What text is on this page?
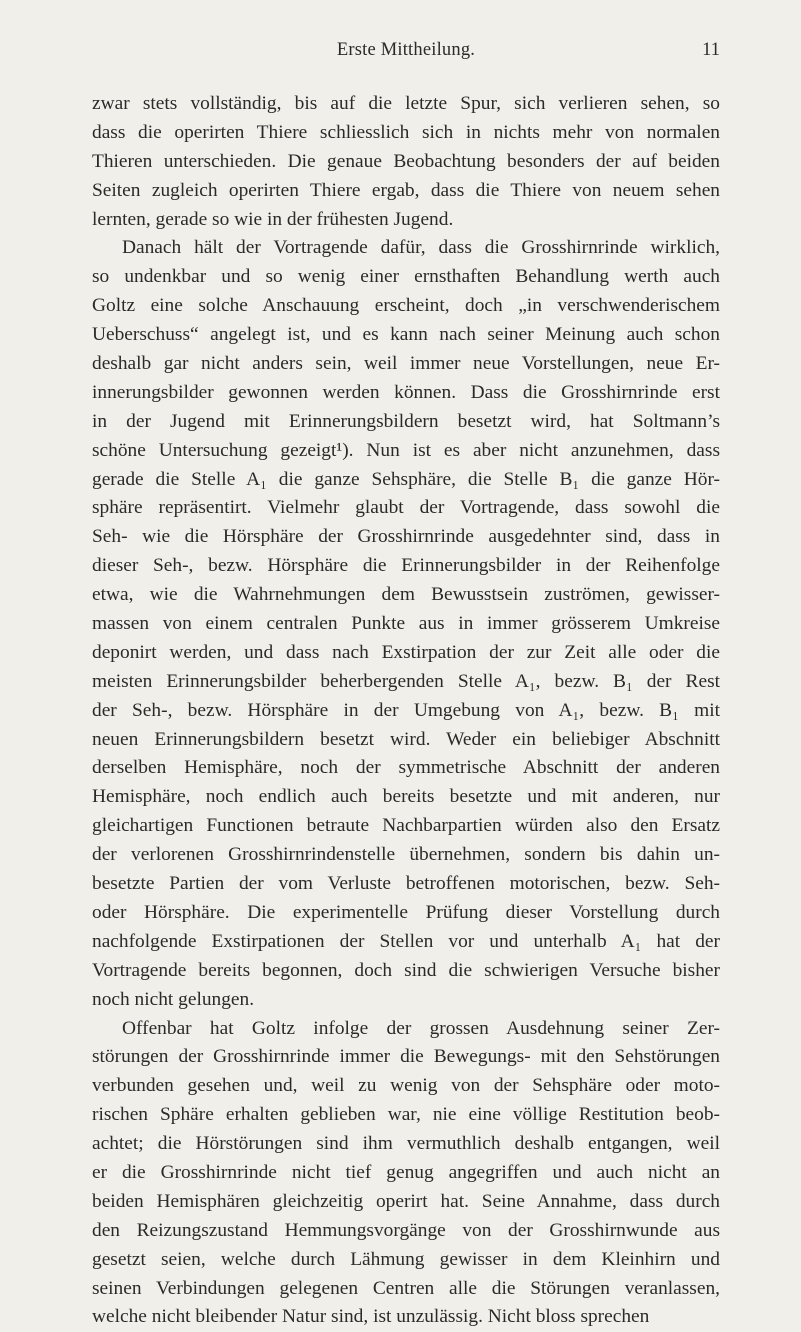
Erste Mittheilung.	11
zwar stets vollständig, bis auf die letzte Spur, sich verlieren sehen, so
dass die operirten Thiere schliesslich sich in nichts mehr von normalen
Thieren unterschieden. Die genaue Beobachtung besonders der auf beiden
Seiten zugleich operirten Thiere ergab, dass die Thiere von neuem sehen
lernten, gerade so wie in der frühesten Jugend.
Danach hält der Vortragende dafür, dass die Grosshirnrinde wirklich,
so undenkbar und so wenig einer ernsthaften Behandlung werth auch
Goltz eine solche Anschauung erscheint, doch „in verschwenderischem
Ueberschuss“ angelegt ist, und es kann nach seiner Meinung auch schon
deshalb gar nicht anders sein, weil immer neue Vorstellungen, neue Er-
innerungsbilder gewonnen werden können. Dass die Grosshirnrinde erst
in der Jugend mit Erinnerungsbildern besetzt wird, hat Soltmann’s
schöne Untersuchung gezeigt¹). Nun ist es aber nicht anzunehmen, dass
gerade die Stelle A₁ die ganze Sehsphäre, die Stelle B₁ die ganze Hör-
sphäre repräsentirt. Vielmehr glaubt der Vortragende, dass sowohl die
Seh- wie die Hörsphäre der Grosshirnrinde ausgedehnter sind, dass in
dieser Seh-, bezw. Hörsphäre die Erinnerungsbilder in der Reihenfolge
etwa, wie die Wahrnehmungen dem Bewusstsein zuströmen, gewisser-
massen von einem centralen Punkte aus in immer grösserem Umkreise
deponirt werden, und dass nach Exstirpation der zur Zeit alle oder die
meisten Erinnerungsbilder beherbergenden Stelle A₁, bezw. B₁ der Rest
der Seh-, bezw. Hörsphäre in der Umgebung von A₁, bezw. B₁ mit
neuen Erinnerungsbildern besetzt wird. Weder ein beliebiger Abschnitt
derselben Hemisphäre, noch der symmetrische Abschnitt der anderen
Hemisphäre, noch endlich auch bereits besetzte und mit anderen, nur
gleichartigen Functionen betraute Nachbarpartien würden also den Ersatz
der verlorenen Grosshirnrindenstelle übernehmen, sondern bis dahin un-
besetzte Partien der vom Verluste betroffenen motorischen, bezw. Seh-
oder Hörsphäre. Die experimentelle Prüfung dieser Vorstellung durch
nachfolgende Exstirpationen der Stellen vor und unterhalb A₁ hat der
Vortragende bereits begonnen, doch sind die schwierigen Versuche bisher
noch nicht gelungen.
Offenbar hat Goltz infolge der grossen Ausdehnung seiner Zer-
störungen der Grosshirnrinde immer die Bewegungs- mit den Sehstörungen
verbunden gesehen und, weil zu wenig von der Sehsphäre oder moto-
rischen Sphäre erhalten geblieben war, nie eine völlige Restitution beob-
achtet; die Hörstörungen sind ihm vermuthlich deshalb entgangen, weil
er die Grosshirnrinde nicht tief genug angegriffen und auch nicht an
beiden Hemisphären gleichzeitig operirt hat. Seine Annahme, dass durch
den Reizungszustand Hemmungsvorgänge von der Grosshirnwunde aus
gesetzt seien, welche durch Lähmung gewisser in dem Kleinhirn und
seinen Verbindungen gelegenen Centren alle die Störungen veranlassen,
welche nicht bleibender Natur sind, ist unzulässig. Nicht bloss sprechen
